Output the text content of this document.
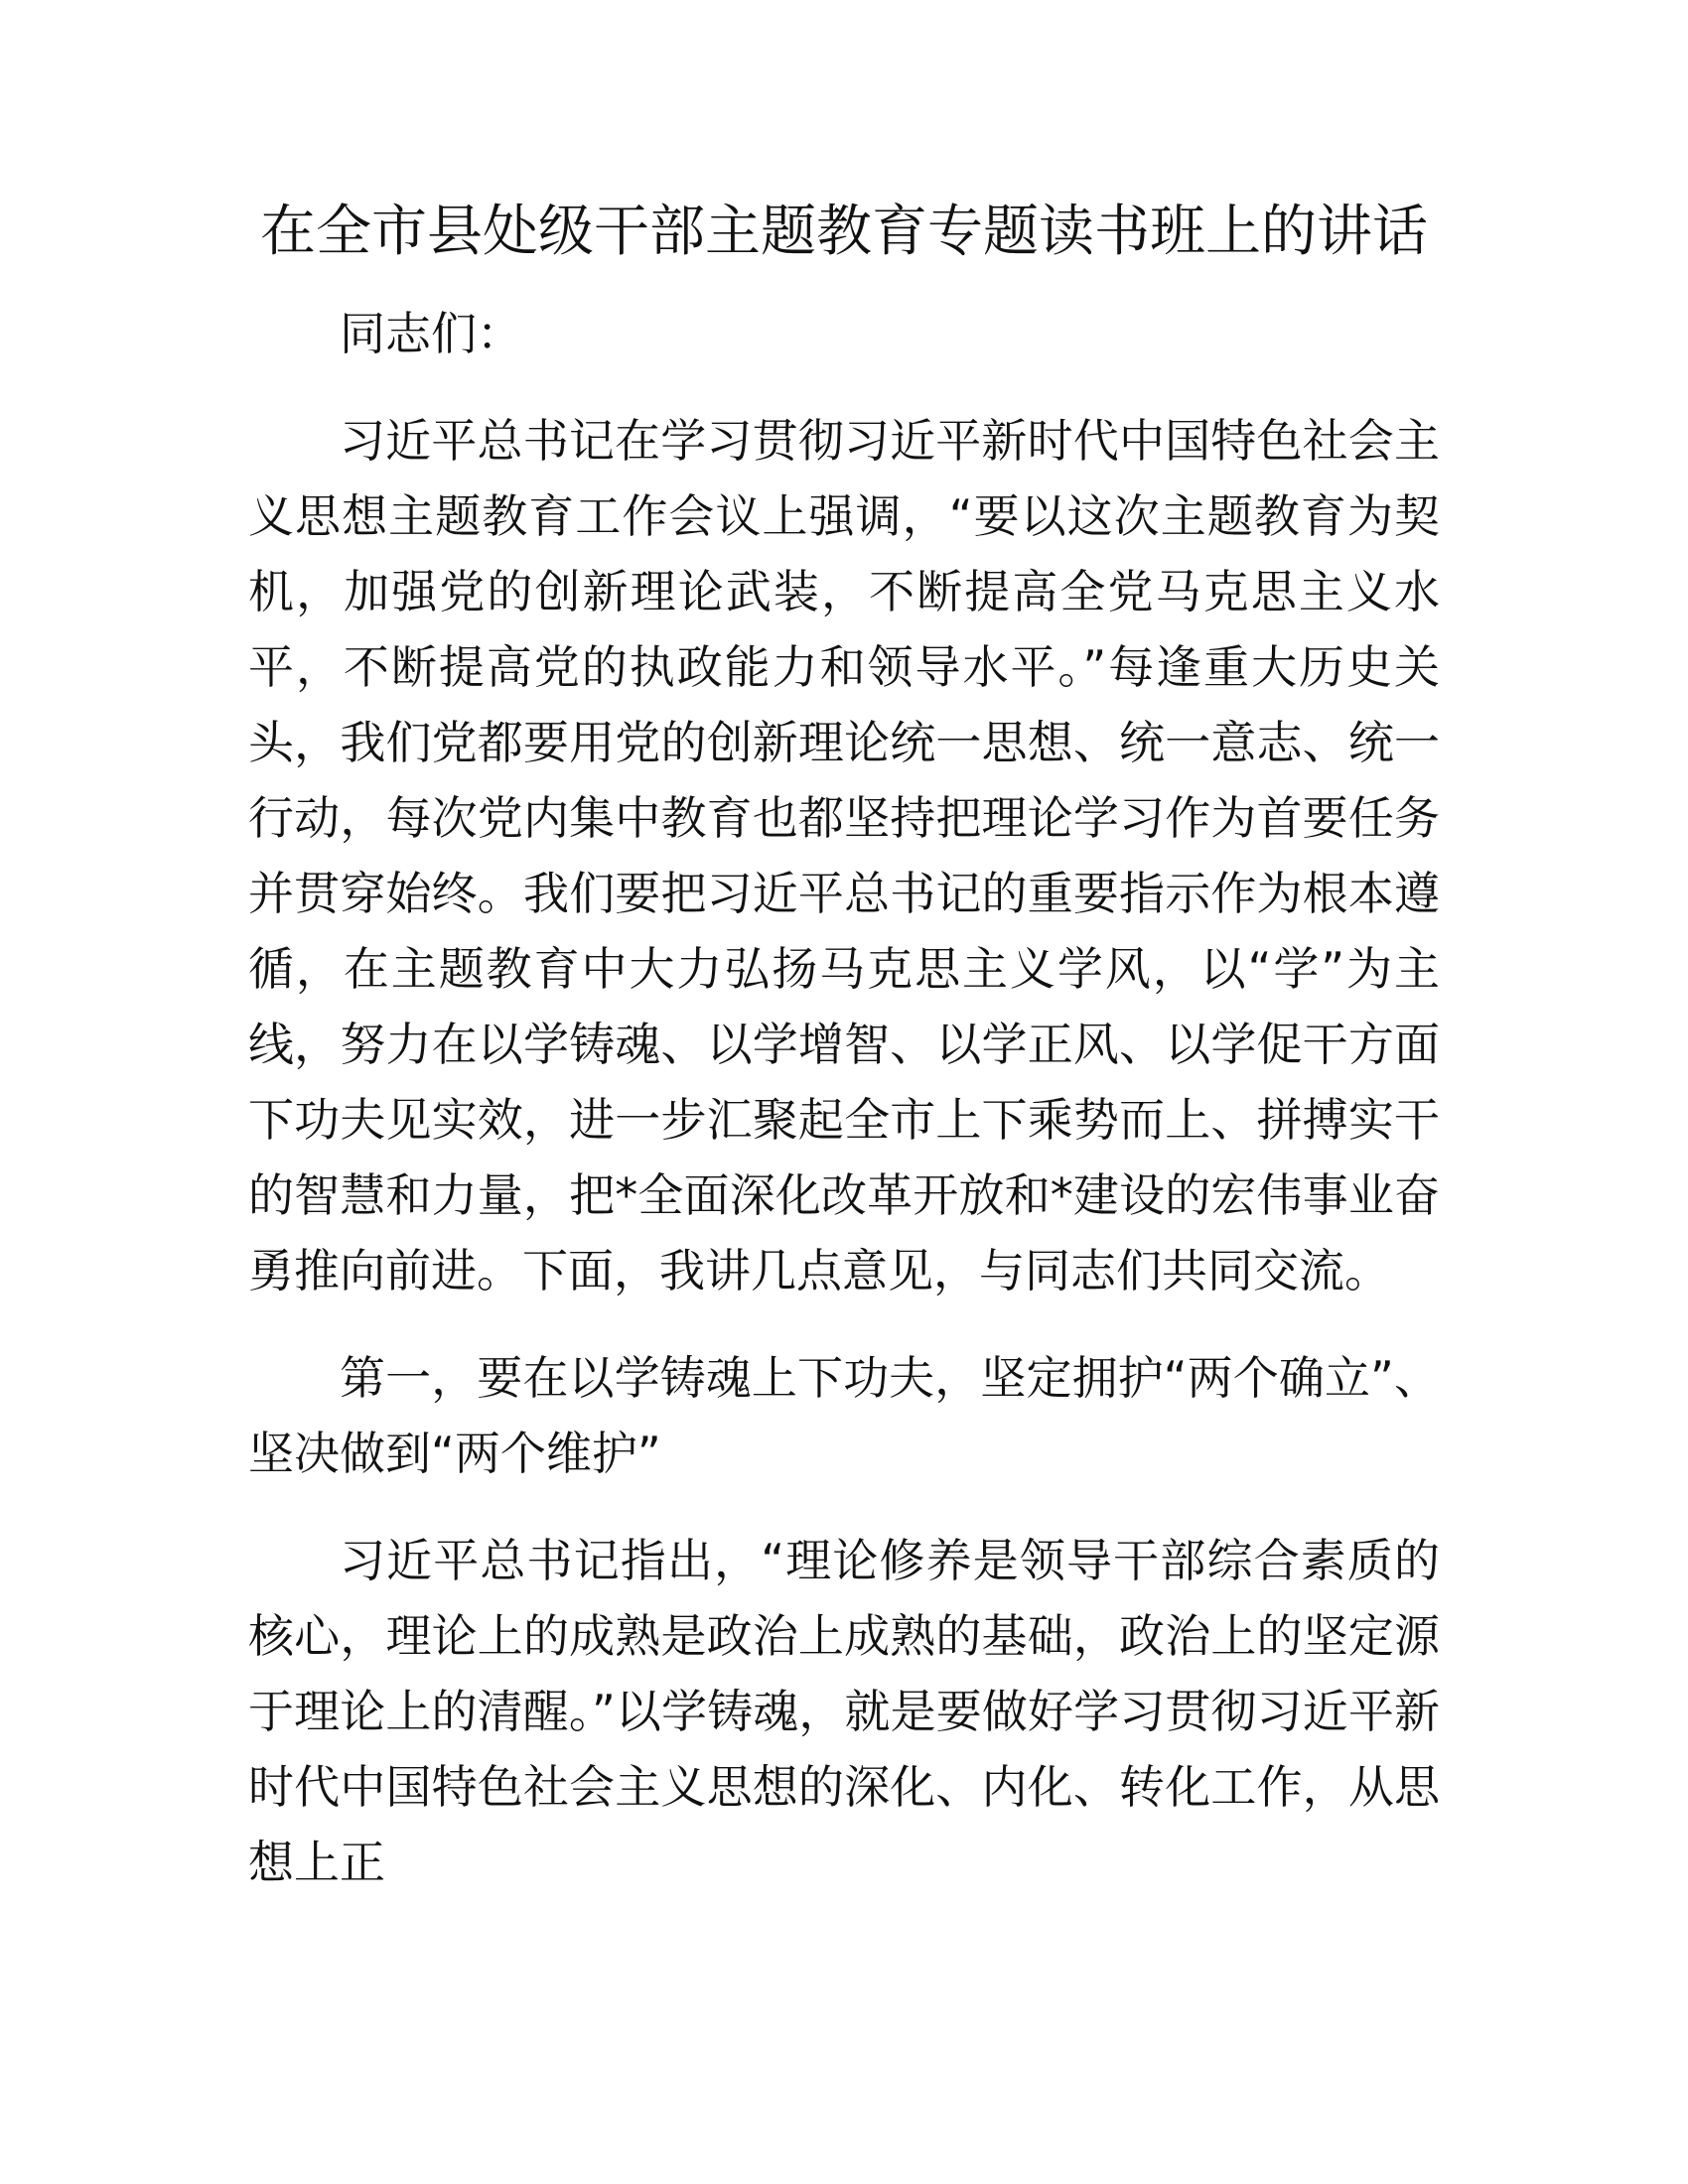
在全市县处级干部主题教育专题读书班上的讲话

同志们：

习近平总书记在学习贯彻习近平新时代中国特色社会主义思想主题教育工作会议上强调，“要以这次主题教育为契机，加强党的创新理论武装，不断提高全党马克思主义水平，不断提高党的执政能力和领导水平。”每逢重大历史关头，我们党都要用党的创新理论统一思想、统一意志、统一行动，每次党内集中教育也都坚持把理论学习作为首要任务并贯穿始终。我们要把习近平总书记的重要指示作为根本遵循，在主题教育中大力弘扬马克思主义学风，以“学”为主线，努力在以学铸魂、以学增智、以学正风、以学促干方面下功夫见实效，进一步汇聚起全市上下乘势而上、拼搏实干的智慧和力量，把*全面深化改革开放和*建设的宏伟事业奋勇推向前进。下面，我讲几点意见，与同志们共同交流。

第一，要在以学铸魂上下功夫，坚定拥护“两个确立”、坚决做到“两个维护”

习近平总书记指出，“理论修养是领导干部综合素质的核心，理论上的成熟是政治上成熟的基础，政治上的坚定源于理论上的清醒。”以学铸魂，就是要做好学习贯彻习近平新时代中国特色社会主义思想的深化、内化、转化工作，从思想上正
